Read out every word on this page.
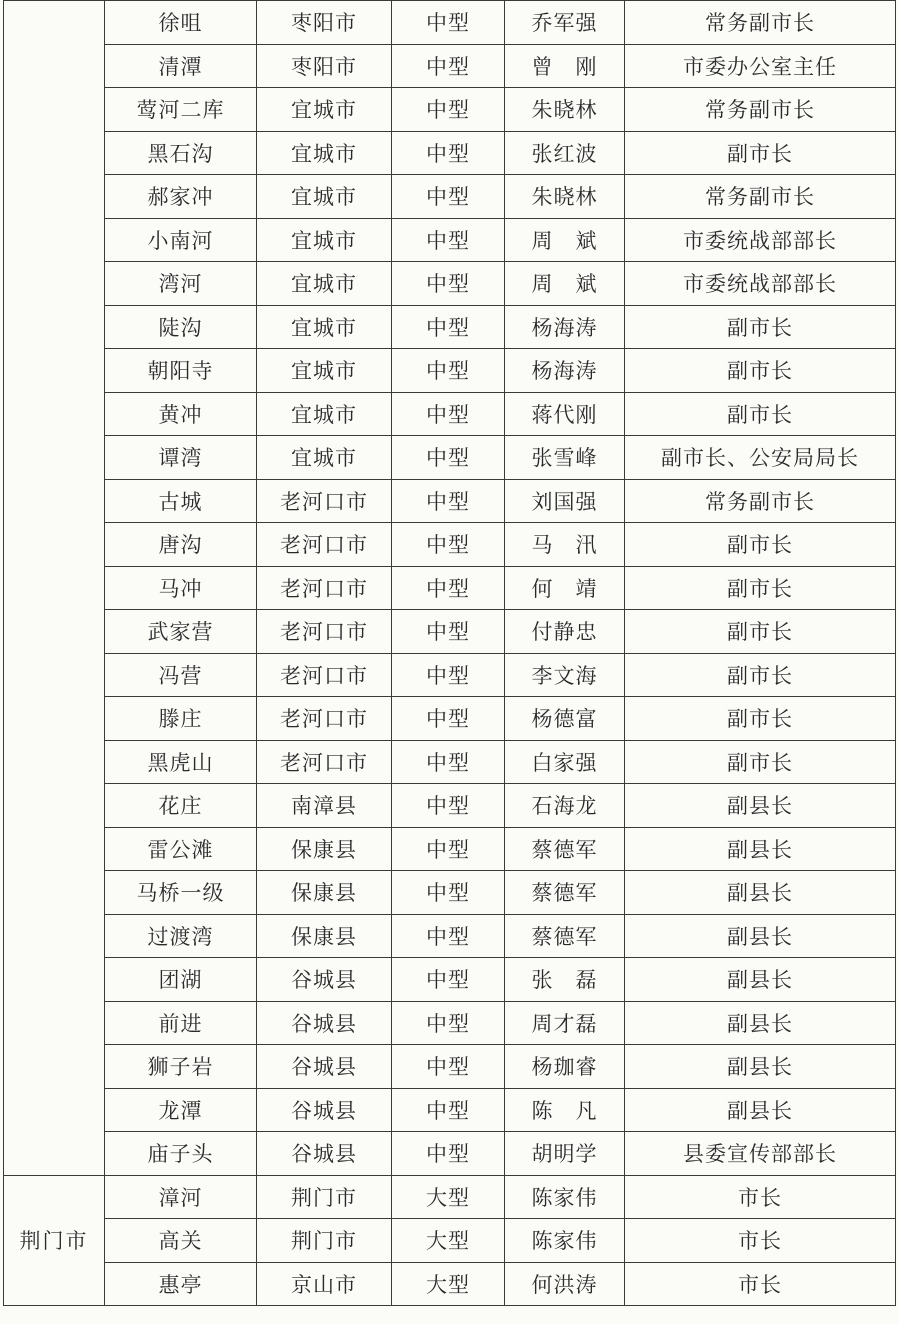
	徐咀	枣阳市	中型	乔军强	常务副市长
	清潭	枣阳市	中型	曾　刚	市委办公室主任
	莺河二库	宜城市	中型	朱晓林	常务副市长
	黑石沟	宜城市	中型	张红波	副市长
	郝家冲	宜城市	中型	朱晓林	常务副市长
	小南河	宜城市	中型	周　斌	市委统战部部长
	湾河	宜城市	中型	周　斌	市委统战部部长
	陡沟	宜城市	中型	杨海涛	副市长
	朝阳寺	宜城市	中型	杨海涛	副市长
	黄冲	宜城市	中型	蒋代刚	副市长
	谭湾	宜城市	中型	张雪峰	副市长、公安局局长
	古城	老河口市	中型	刘国强	常务副市长
	唐沟	老河口市	中型	马　汛	副市长
	马冲	老河口市	中型	何　靖	副市长
	武家营	老河口市	中型	付静忠	副市长
	冯营	老河口市	中型	李文海	副市长
	滕庄	老河口市	中型	杨德富	副市长
	黑虎山	老河口市	中型	白家强	副市长
	花庄	南漳县	中型	石海龙	副县长
	雷公滩	保康县	中型	蔡德军	副县长
	马桥一级	保康县	中型	蔡德军	副县长
	过渡湾	保康县	中型	蔡德军	副县长
	团湖	谷城县	中型	张　磊	副县长
	前进	谷城县	中型	周才磊	副县长
	狮子岩	谷城县	中型	杨珈睿	副县长
	龙潭	谷城县	中型	陈　凡	副县长
	庙子头	谷城县	中型	胡明学	县委宣传部部长
荆门市	漳河	荆门市	大型	陈家伟	市长
	高关	荆门市	大型	陈家伟	市长
	惠亭	京山市	大型	何洪涛	市长
